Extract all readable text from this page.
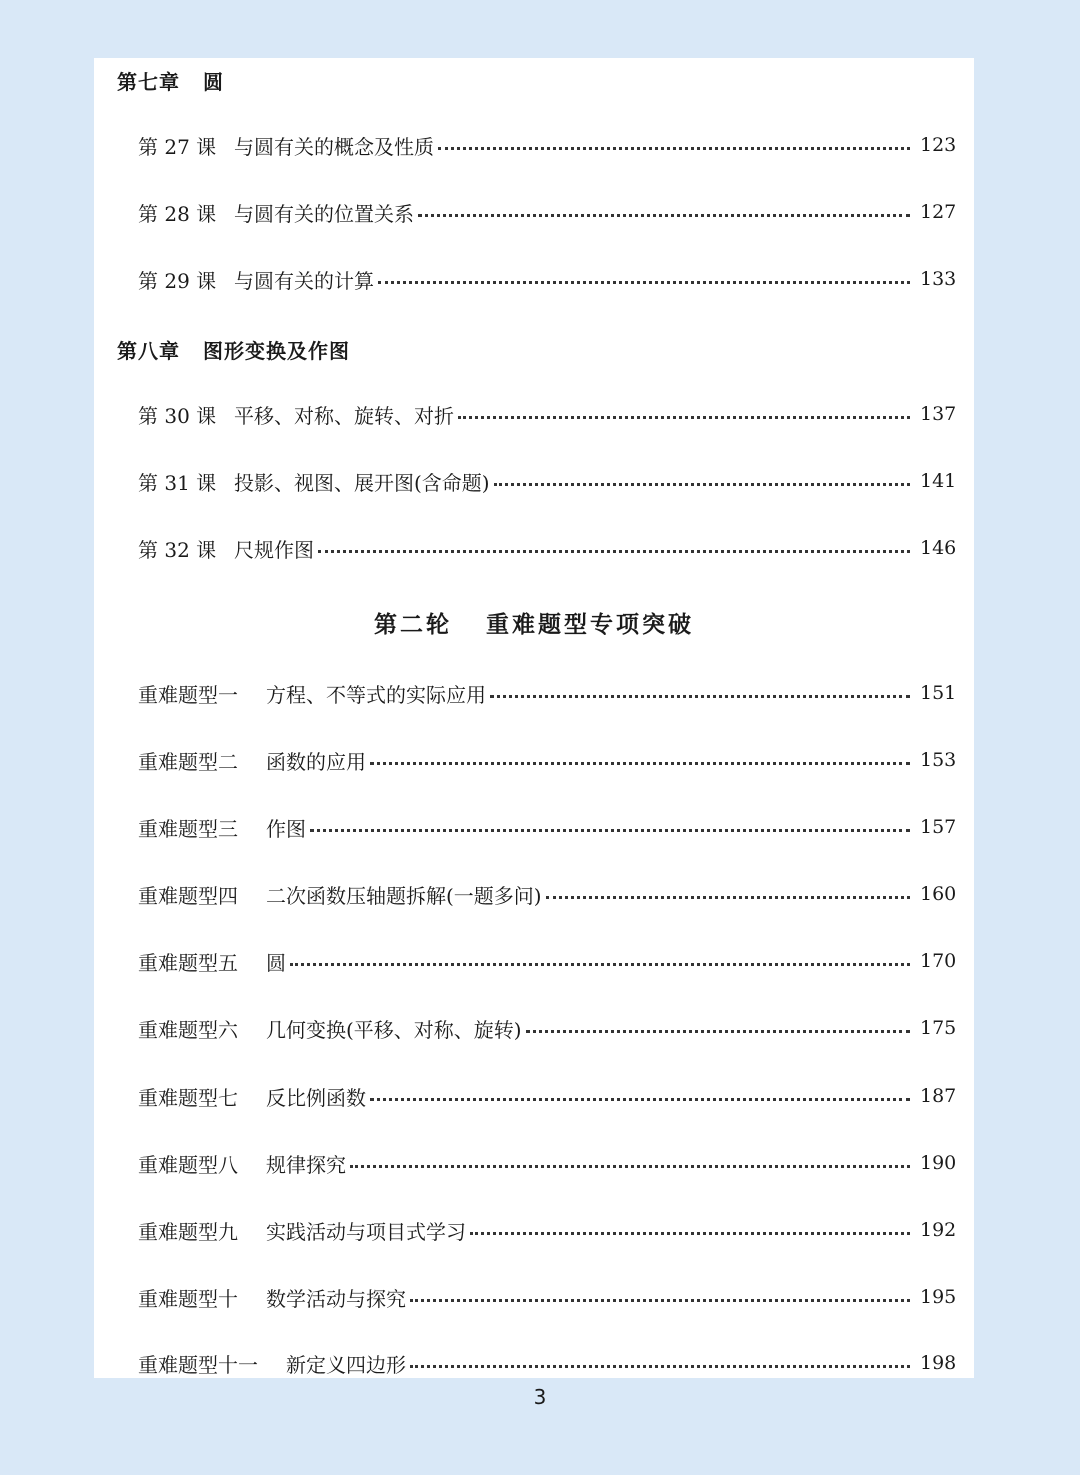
第七章 圆
第 27 课 与圆有关的概念及性质	123
第 28 课 与圆有关的位置关系	127
第 29 课 与圆有关的计算	133
第八章 图形变换及作图
第 30 课 平移、对称、旋转、对折	137
第 31 课 投影、视图、展开图(含命题)	141
第 32 课 尺规作图	146
第二轮 重难题型专项突破
重难题型一	方程、不等式的实际应用	151
重难题型二	函数的应用	153
重难题型三	作图	157
重难题型四	二次函数压轴题拆解(一题多问)	160
重难题型五	圆	170
重难题型六	几何变换(平移、对称、旋转)	175
重难题型七	反比例函数	187
重难题型八	规律探究	190
重难题型九	实践活动与项目式学习	192
重难题型十	数学活动与探究	195
重难题型十一	新定义四边形	198
3
